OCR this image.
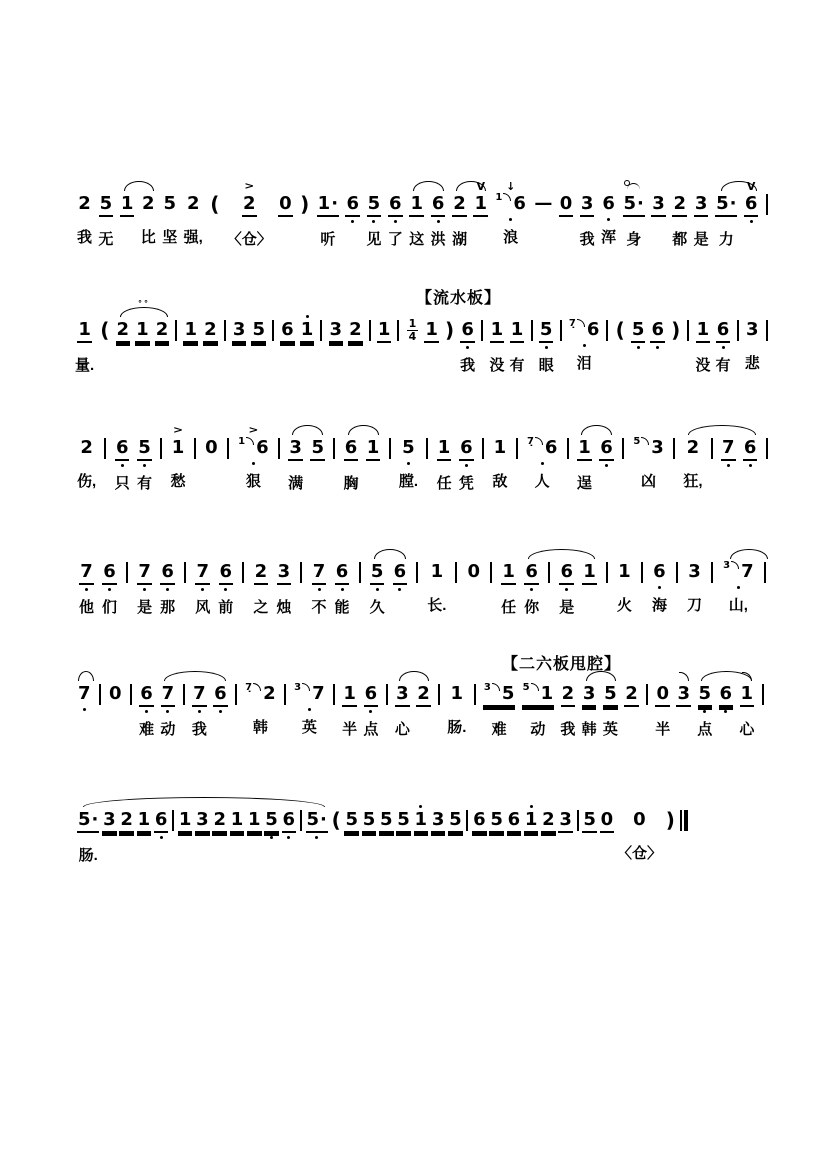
【流水板】
【二六板甩腔】
2
我
5
无
1 2
比
5
坚
2
强,
(
>
2
〈仓〉
0 ) 1 ·
听
6 5
见
6
了
1
这
6
洪
2
湖
V
1
↓
1 6
浪
— 0 3
我
6
浑
5 ·
身
3 2
都
3
是
5 ·
力
V
6
1
量.
( 2 1 2 1 2 3 5 6 1 3 2 $1 \frac{1}{4} 1$ ) 6
我
1
没
1
有
5
眼
7̣ 6
泪
( 5 6 ) 1
没
6
有
3
悲
°°
2
伤,
6
只
5
有
>
1
愁
0
>
1 6
狠
3
满
5 6
胸
1 5
膛.
1
任
6
凭
1
敌
7̣ 6
人
1
逞
6 5 3
凶
2
狂,
7 6
7
他
6
们
7
是
6
那
7
风
6
前
2
之
3
烛
7
不
6
能
5
久
6 1
长.
0 1
任
6
你
6
是
1 1
火
6
海
3
刀
3 7
山,
7 0 6
难
7
动
7
我
6 7̣ 2
韩
3 7
英
1
半
6
点
3
心
2 1
肠.
3 5
难
5 1
动
2
我
3
韩
5
英
2 0
半
3 5
点
6 1
心
5 ·
肠.
3 2 1 6 1 3 2 1 1 5 6 5 · ( 5 5 5 5 1 3 5 6 5 6 1 2 3 5 0 0
〈仓〉
)
